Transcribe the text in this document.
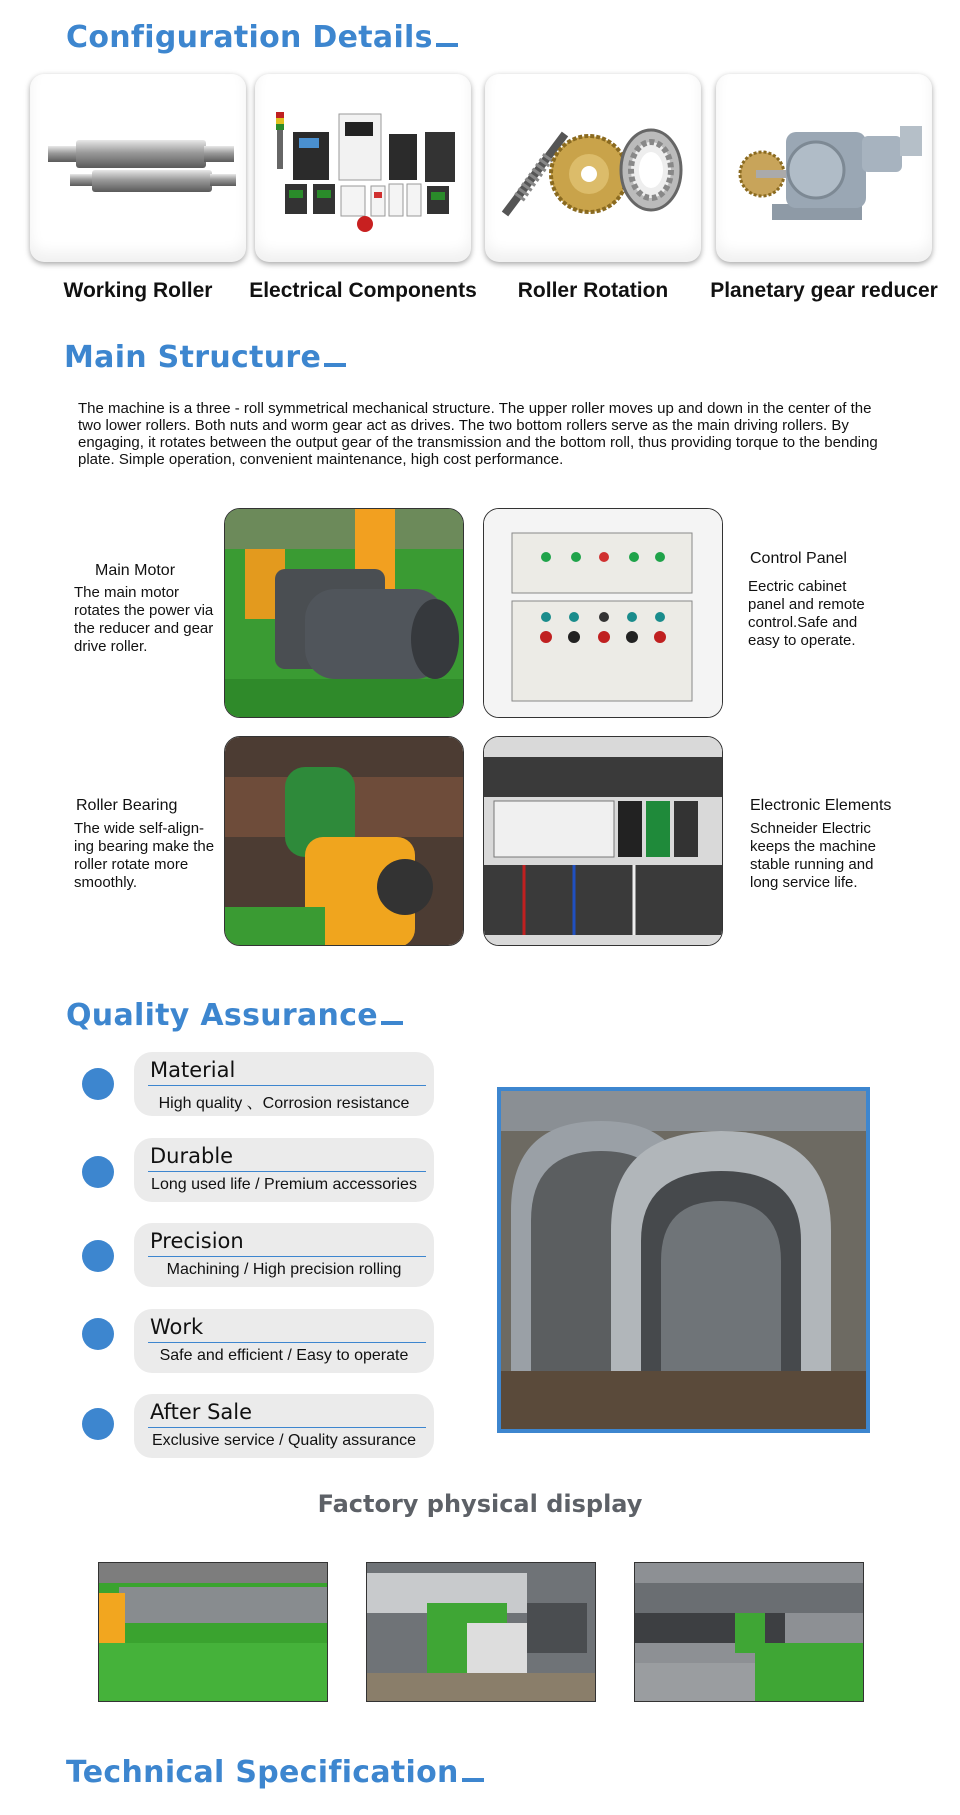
Configuration Details
Working Roller	Electrical Components	Roller Rotation	Planetary gear reducer
Main Structure
The machine is a three - roll symmetrical mechanical structure. The upper roller moves up and down in the center of the two lower rollers. Both nuts and worm gear act as drives. The two bottom rollers serve as the main driving rollers. By engaging, it rotates between the output gear of the transmission and the bottom roll, thus providing torque to the bending plate. Simple operation, convenient maintenance, high cost performance.
Main Motor
The main motor rotates the power via the reducer and gear drive roller.
Control Panel
Eectric cabinet panel and remote control.Safe and easy to operate.
Roller Bearing
The wide self-align-ing bearing make the roller rotate more smoothly.
Electronic Elements
Schneider Electric keeps the machine stable running and long service life.
Quality Assurance
Material
High quality 、Corrosion resistance
Durable
Long used life / Premium accessories
Precision
Machining / High precision rolling
Work
Safe and efficient / Easy to operate
After Sale
Exclusive service / Quality assurance
Factory physical display
Technical Specification
